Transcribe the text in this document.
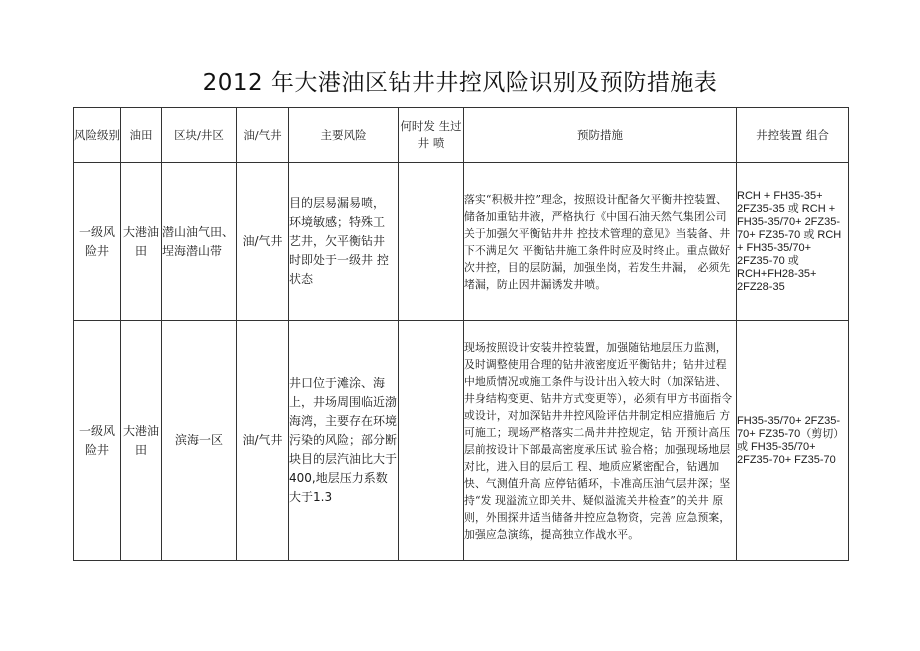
2012 年大港油区钻井井控风险识别及预防措施表
风险级别	油田	区块/井区	油/气井	主要风险	何时发 生过井 喷	预防措施	井控装置 组合
一级风险井	大港油田	潜山油气田、埕海潜山带	油/气井	目的层易漏易喷， 环境敏感；特殊工 艺井，欠平衡钻井 时即处于一级井 控状态		落实“积极井控”理念，按照设计配备欠平衡井控装置、储备加重钻井液，严格执行《中国石油天然气集团公司关于加强欠平衡钻井井 控技术管理的意见》当装备、井下不满足欠 平衡钻井施工条件时应及时终止。重点做好 次井控，目的层防漏，加强坐岗，若发生井漏， 必须先堵漏，防止因井漏诱发井喷。	RCH + FH35-35+ 2FZ35-35 或 RCH + FH35-35/70+ 2FZ35-70+ FZ35-70 或 RCH + FH35-35/70+ 2FZ35-70 或 RCH+FH28-35+ 2FZ28-35
一级风险井	大港油田	滨海一区	油/气井	井口位于滩涂、海上，井场周围临近渤海湾，主要存在环境污染的风险；部分断块目的层汽油比大于400,地层压力系数大于1.3		现场按照设计安装井控装置，加强随钻地层压力监测，及时调整使用合理的钻井液密度近平衡钻井；钻井过程中地质情况或施工条件与设计出入较大时（加深钻进、井身结构变更、钻井方式变更等），必须有甲方书面指令或设计，对加深钻井井控风险评估井制定相应措施后 方可施工；现场严格落实二咼井井控规定，钻 开预计高压层前按设计下部最高密度承压试 验合格；加强现场地层对比，进入目的层后工 程、地质应紧密配合，钻遇加快、气测值升高 应停钻循环，卡准高压油气层井深；坚持“发 现溢流立即关井、疑似溢流关井检查”的关井 原则，外围探井适当储备井控应急物资，完善 应急预案，加强应急演练，提高独立作战水平。	FH35-35/70+ 2FZ35-70+ FZ35-70（剪切）或 FH35-35/70+ 2FZ35-70+ FZ35-70
